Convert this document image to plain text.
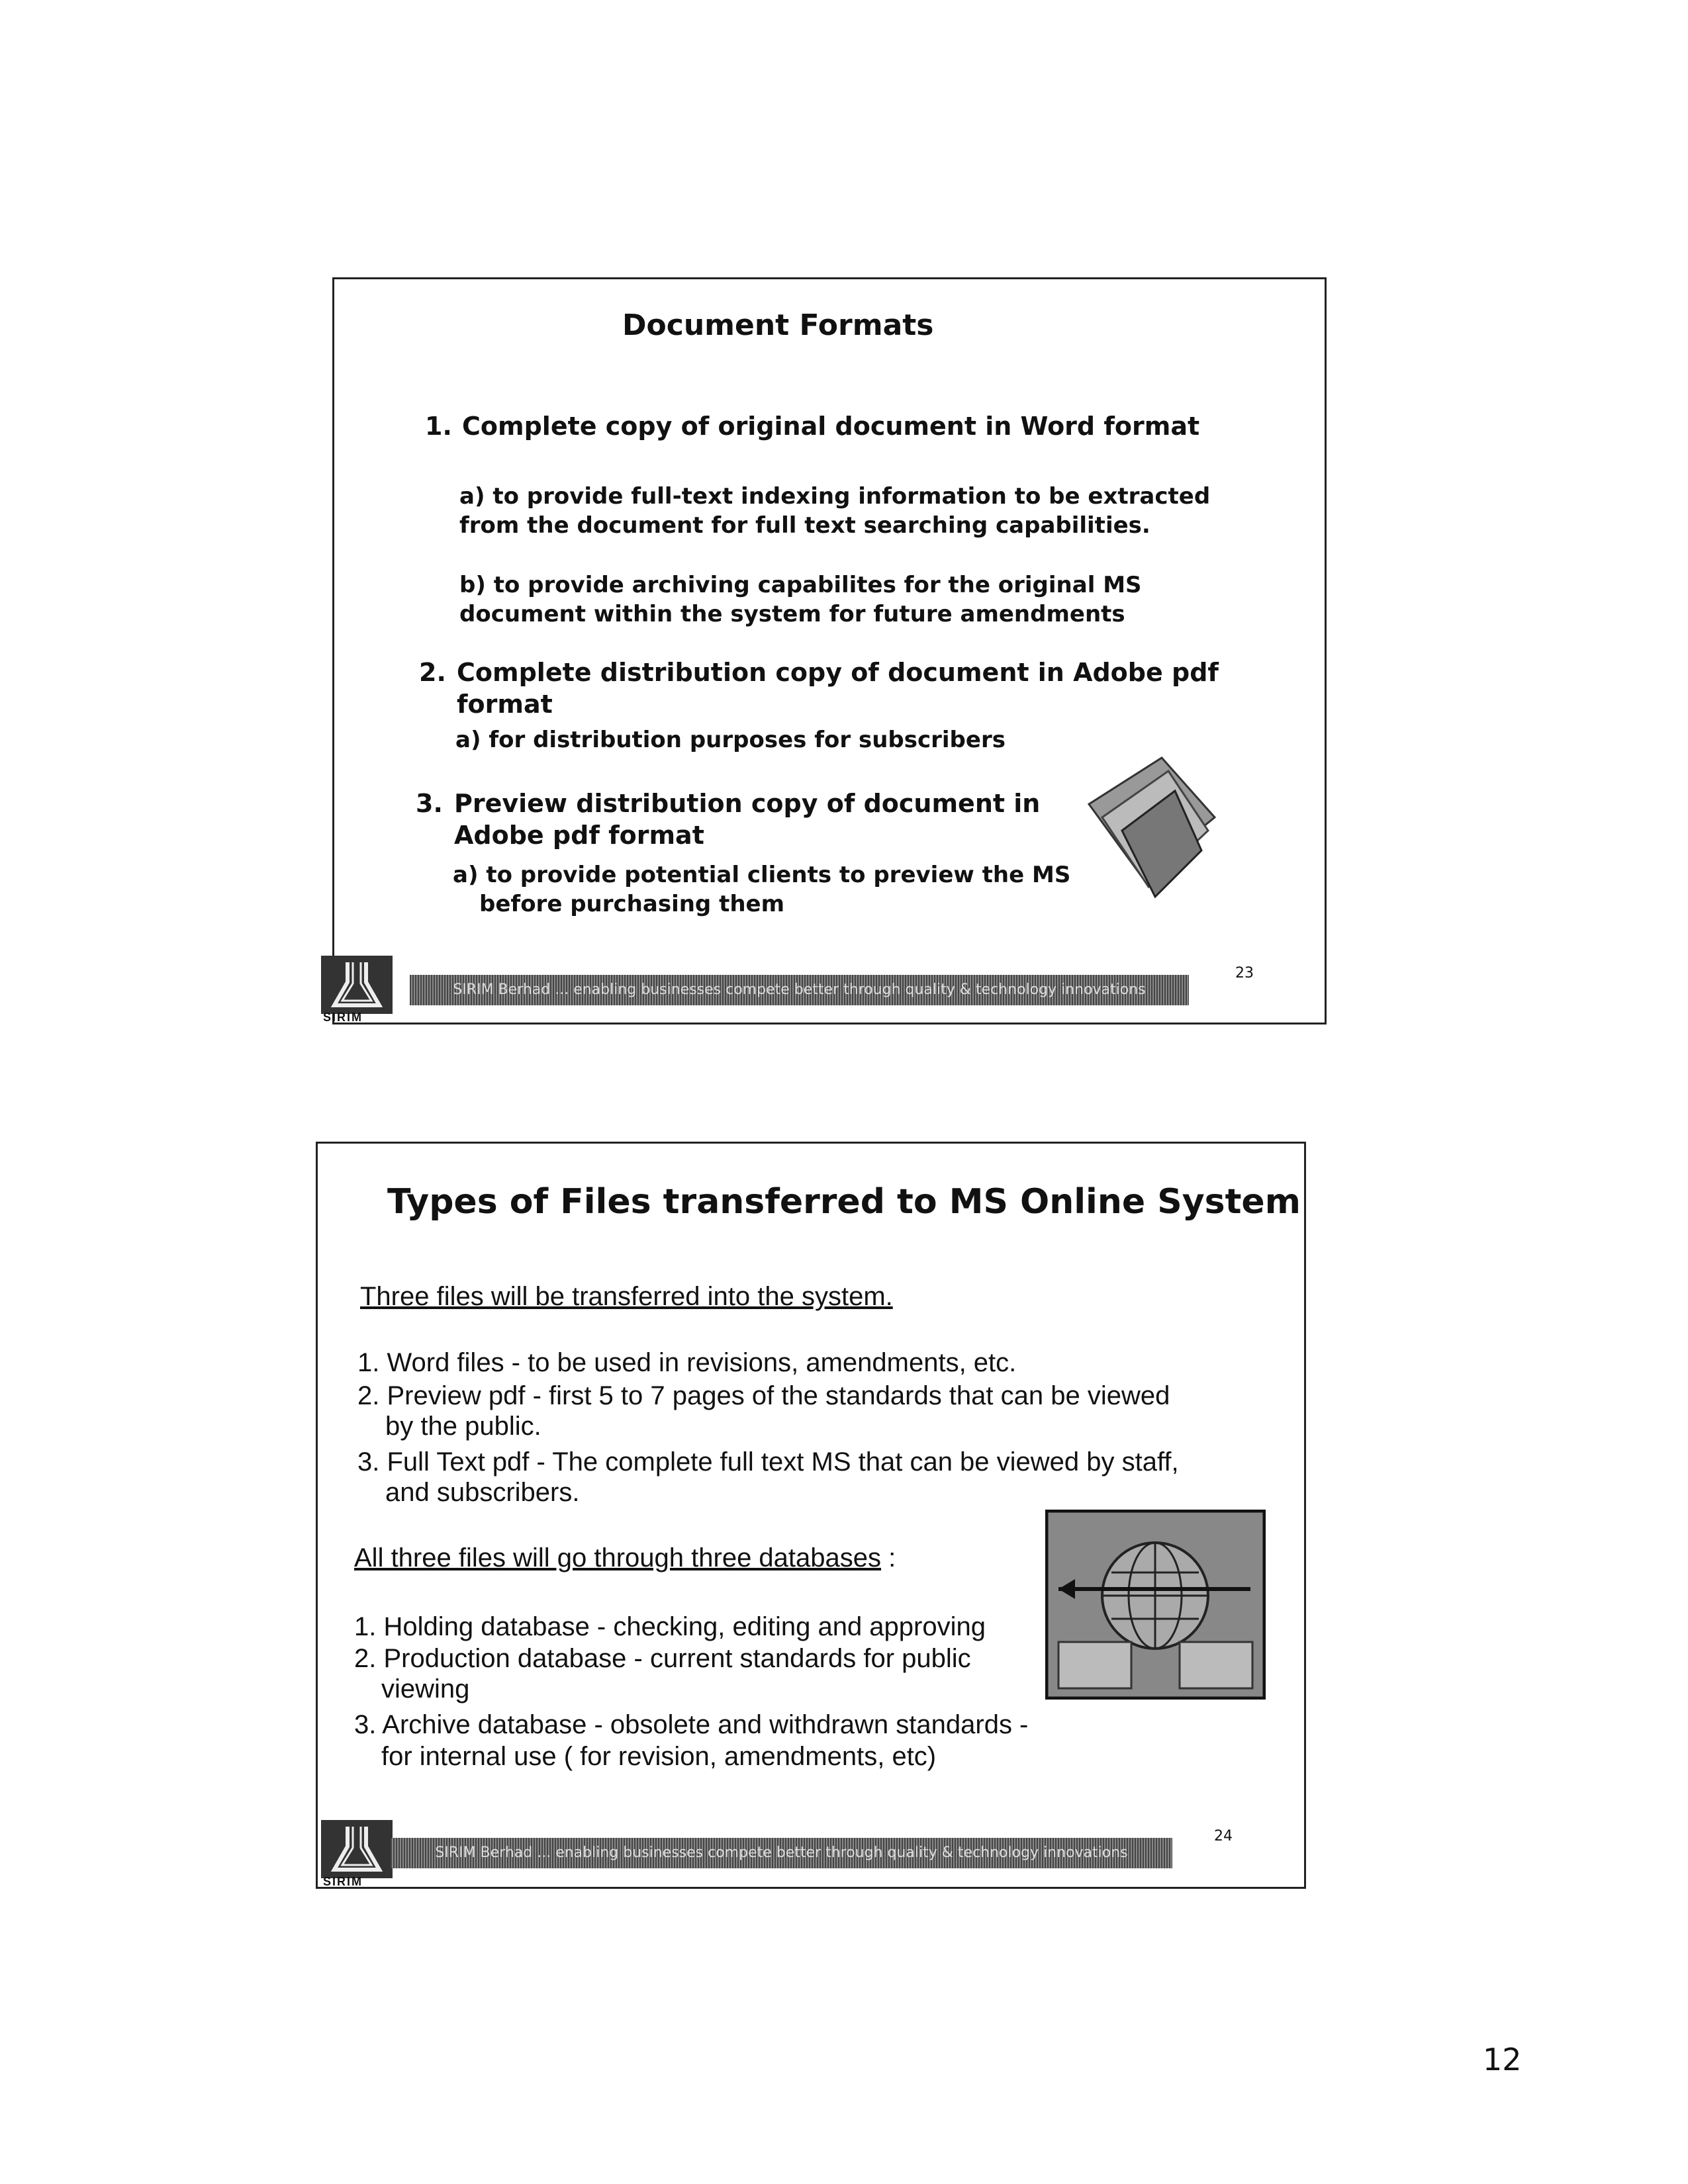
Document Formats
1. Complete copy of original document in Word format
a) to provide full-text indexing information to be extracted
from the document for full text searching capabilities.
b) to provide archiving capabilites for the original MS
document within the system for future amendments
2. Complete distribution copy of document in Adobe pdf
format
a) for distribution purposes for subscribers
3. Preview distribution copy of document in
Adobe pdf format
a) to provide potential clients to preview the MS
before purchasing them
SIRIM
SIRIM Berhad ... enabling businesses compete better through quality & technology innovations
23
Types of Files transferred to MS Online System
Three files will be transferred into the system.
1. Word files - to be used in revisions, amendments, etc.
2. Preview pdf - first 5 to 7 pages of the standards that can be viewed
by the public.
3. Full Text pdf - The complete full text MS that can be viewed by staff,
and subscribers.
All three files will go through three databases :
1. Holding database - checking, editing and approving
2. Production database - current standards for public
viewing
3. Archive database - obsolete and withdrawn standards -
for internal use ( for revision, amendments, etc)
SIRIM
SIRIM Berhad ... enabling businesses compete better through quality & technology innovations
24
12
